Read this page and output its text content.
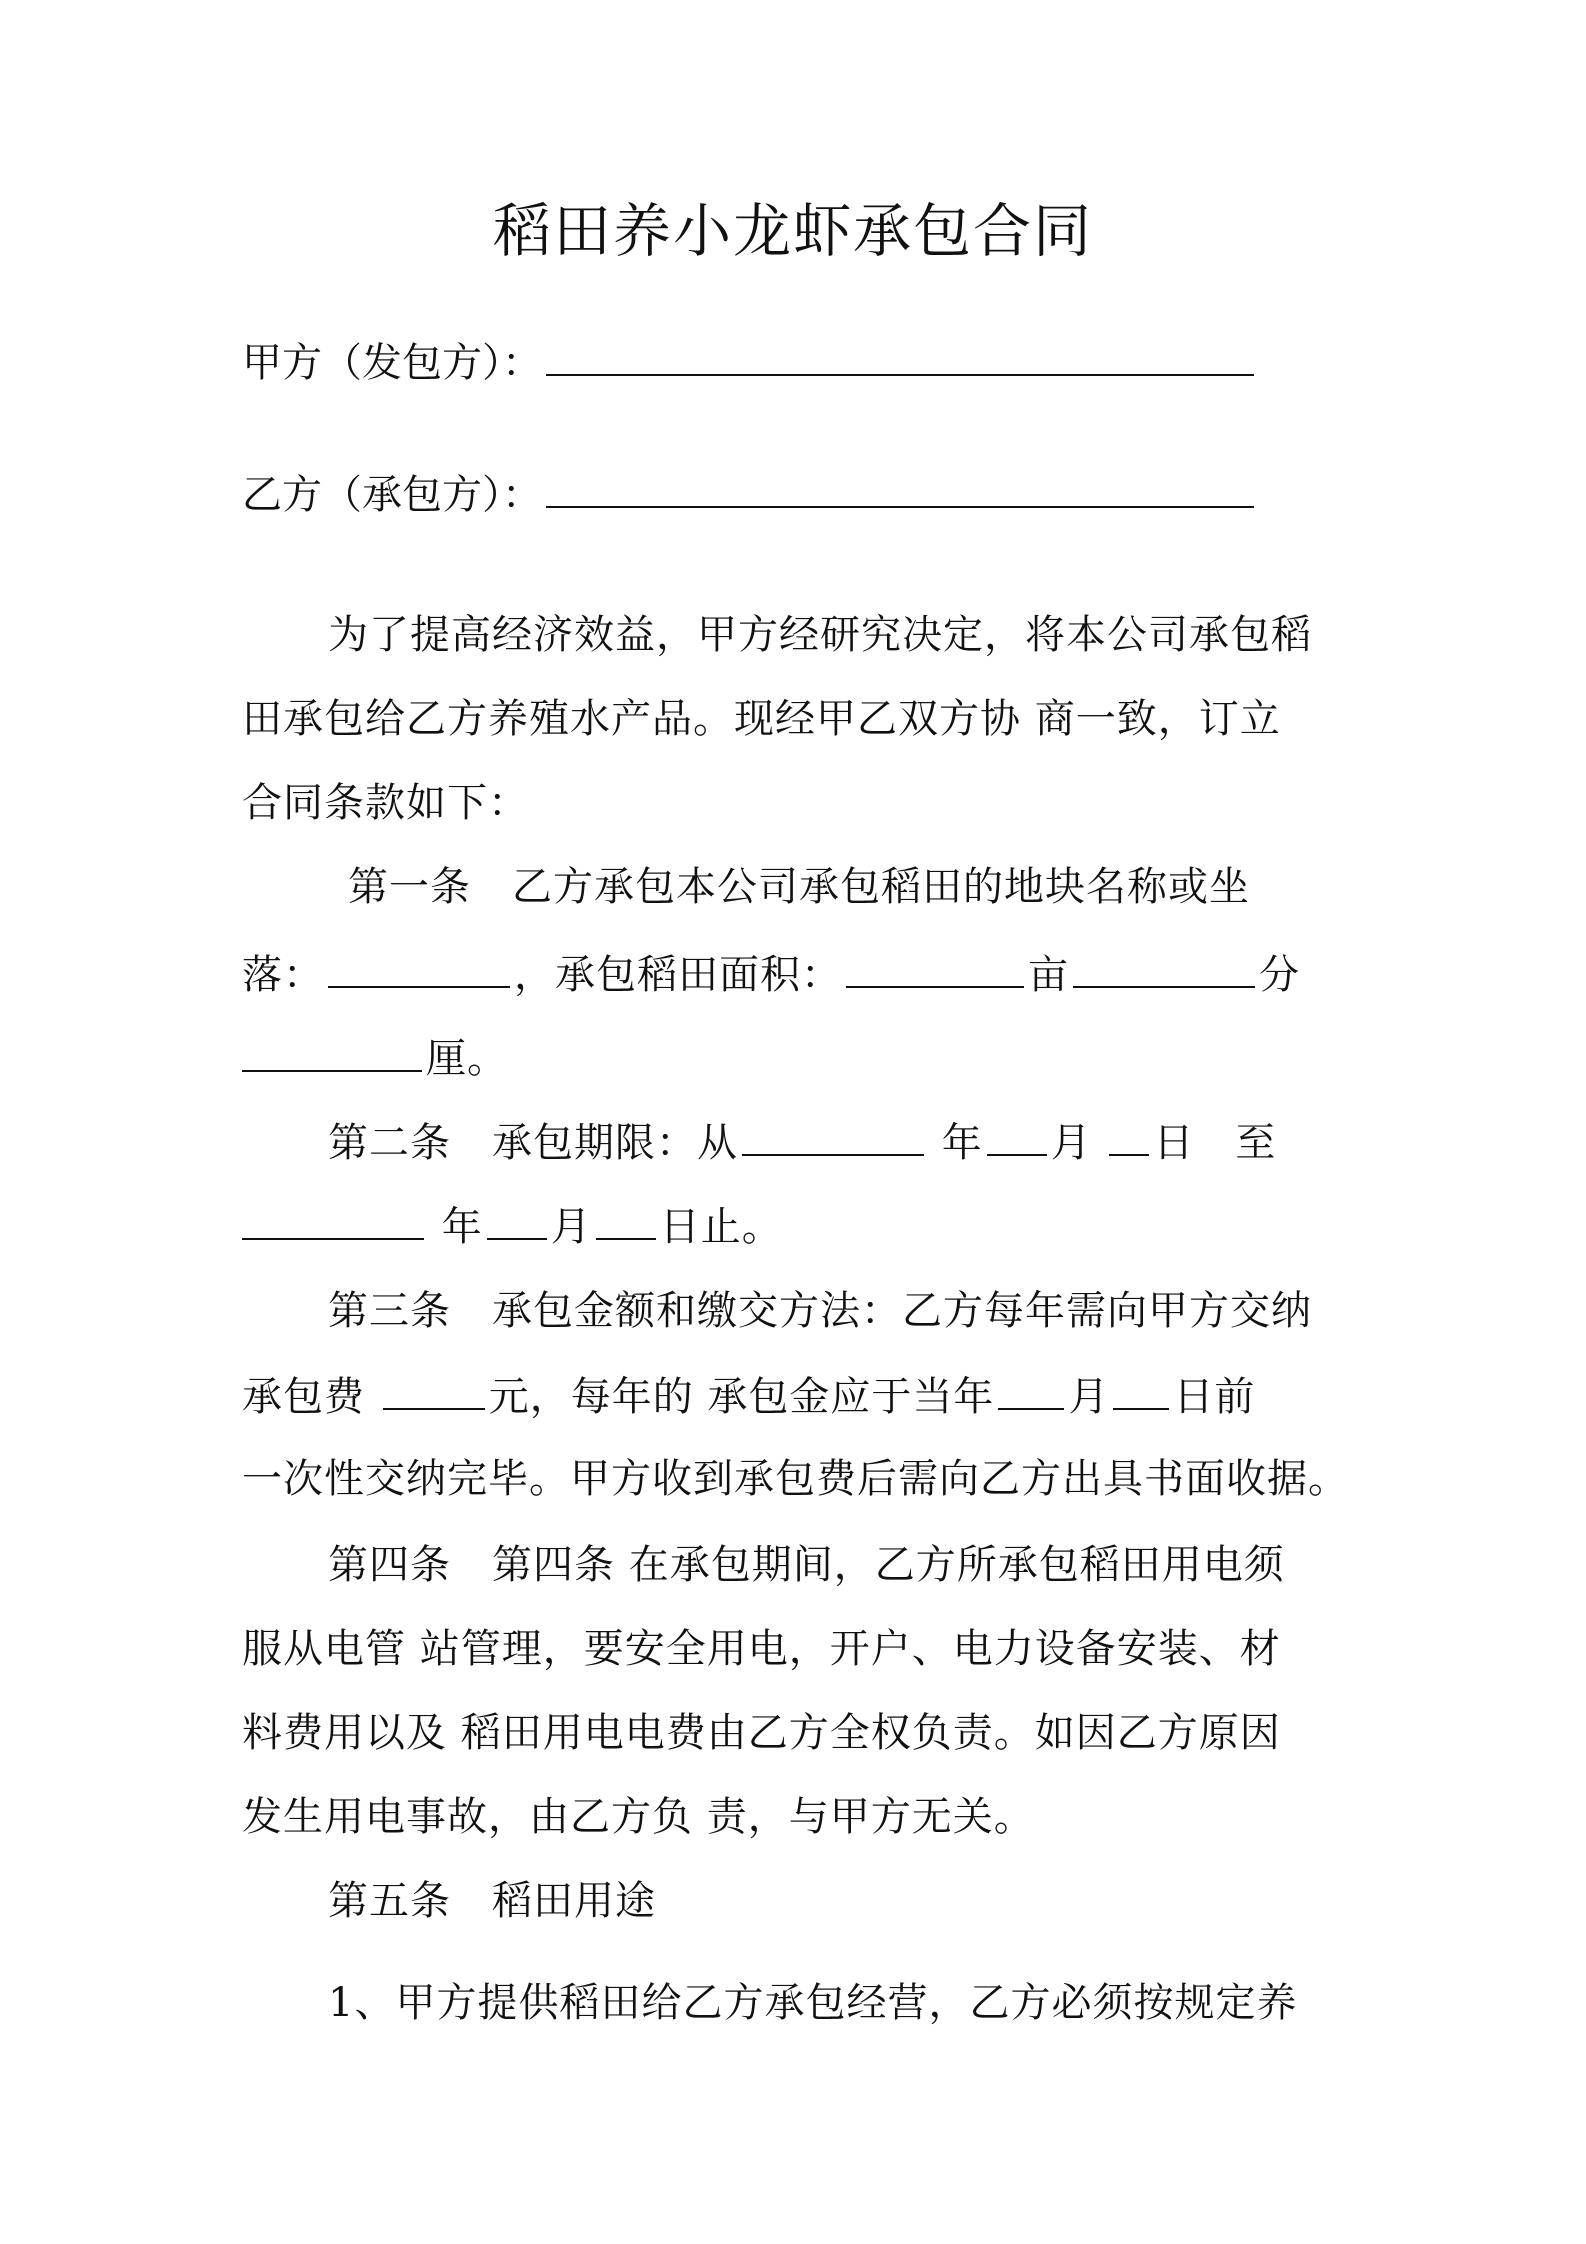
稻田养小龙虾承包合同
甲方（发包方）：
乙方（承包方）：
为了提高经济效益，甲方经研究决定，将本公司承包稻
田承包给乙方养殖水产品。现经甲乙双方协 商一致，订立
合同条款如下：
第一条　乙方承包本公司承包稻田的地块名称或坐
落：	，承包稻田面积：	亩	分
厘。
第二条　承包期限：从	年 月 日　至
年 月 日止。
第三条　承包金额和缴交方法：乙方每年需向甲方交纳
承包费	元，每年的 承包金应于当年 月 日前
一次性交纳完毕。甲方收到承包费后需向乙方出具书面收据。
第四条　第四条 在承包期间，乙方所承包稻田用电须
服从电管 站管理，要安全用电，开户、电力设备安装、材
料费用以及 稻田用电电费由乙方全权负责。如因乙方原因
发生用电事故，由乙方负 责，与甲方无关。
第五条　稻田用途
1、甲方提供稻田给乙方承包经营，乙方必须按规定养
